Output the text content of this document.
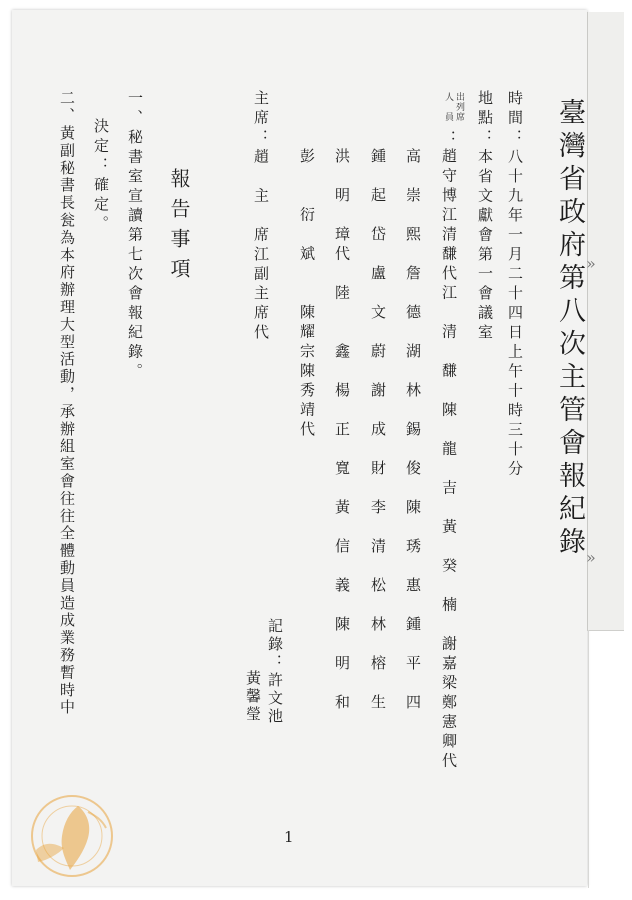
臺灣省政府第八次主管會報紀錄
時間：八十九年一月二十四日上午十時三十分
地點：本省文獻會第一會議室
出列席
人　員
：
趙守博江清馦代江　清　馦　陳　龍　吉　黃　癸　楠　謝嘉梁鄭憲卿代
高　崇　熙　詹　德　湖　林　錫　俊　陳　琇　惠　鍾　平　四
鍾　起　岱　盧　文　蔚　謝　成　財　李　清　松　林　榕　生
洪　明　璋代　陸　　鑫　楊　正　寬　黃　信　義　陳　明　和
彭　　衍　斌　　陳耀宗陳秀靖代
記錄：許文池
黃馨瑩
主席：趙　主　席江副主席代
報告事項
一、秘書室宣讀第七次會報紀錄。
決定：確定。
二、黃副秘書長瓮為本府辦理大型活動，承辦組室會往往全體動員造成業務暫時中	»
»
1
